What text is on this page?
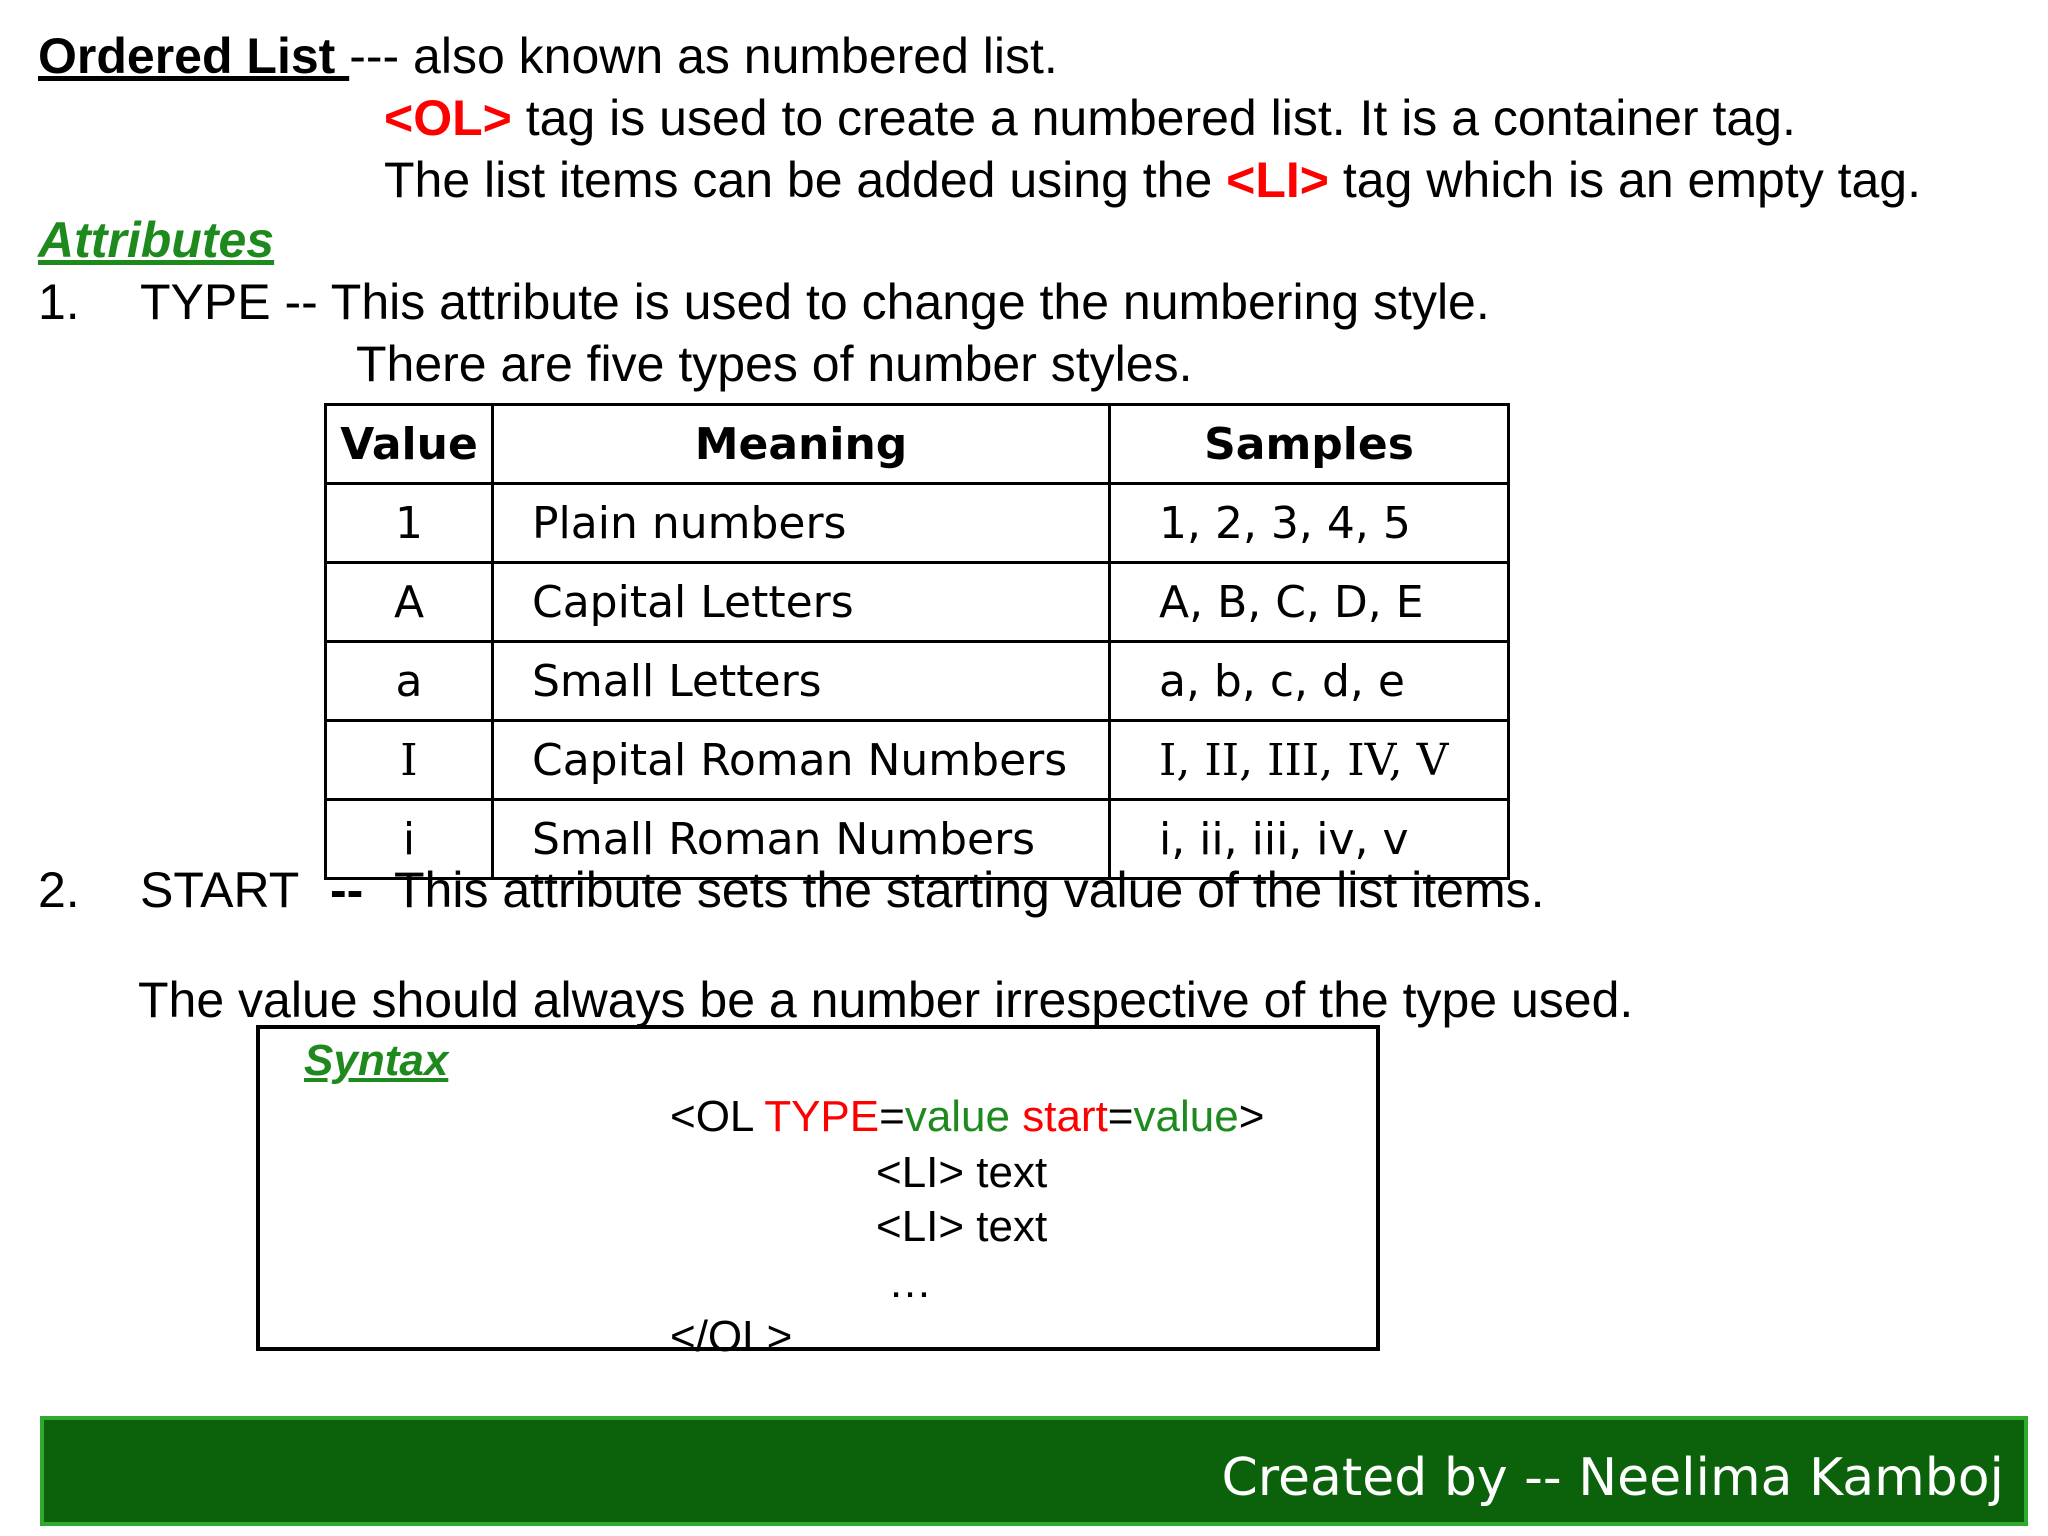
Ordered List --- also known as numbered list.
<OL> tag is used to create a numbered list. It is a container tag.
The list items can be added using the <LI> tag which is an empty tag.
Attributes
1. TYPE -- This attribute is used to change the numbering style.
There are five types of number styles.
Value	Meaning	Samples
1	Plain numbers	1, 2, 3, 4, 5
A	Capital Letters	A, B, C, D, E
a	Small Letters	a, b, c, d, e
I	Capital Roman Numbers	I, II, III, IV, V
i	Small Roman Numbers	i, ii, iii, iv, v
2. START -- This attribute sets the starting value of the list items.
The value should always be a number irrespective of the type used.
Syntax
<OL TYPE=value start=value>
<LI> text
<LI> text
…
</OL>
Created by -- Neelima Kamboj
